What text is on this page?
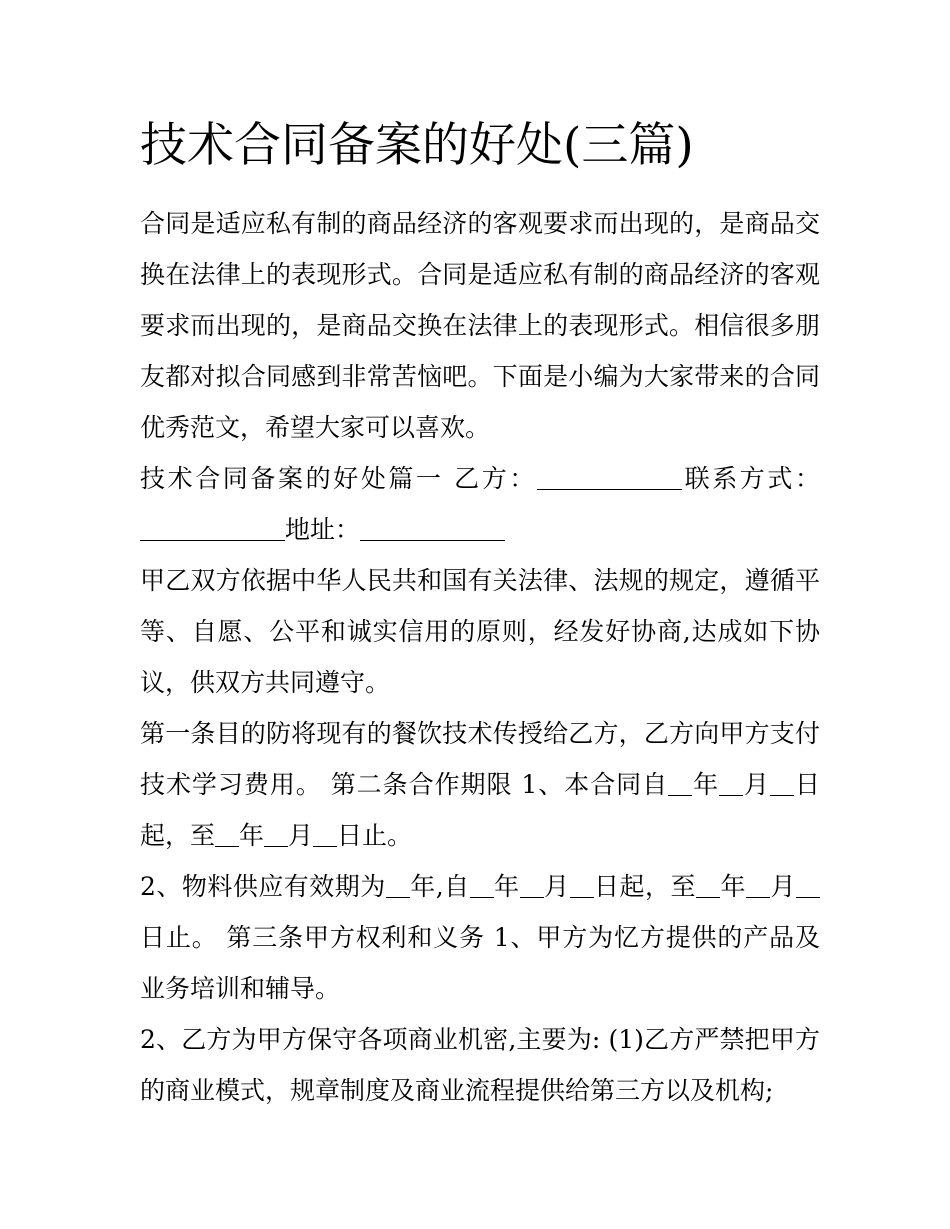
技术合同备案的好处(三篇)

合同是适应私有制的商品经济的客观要求而出现的，是商品交换在法律上的表现形式。合同是适应私有制的商品经济的客观要求而出现的，是商品交换在法律上的表现形式。相信很多朋友都对拟合同感到非常苦恼吧。下面是小编为大家带来的合同优秀范文，希望大家可以喜欢。

技术合同备案的好处篇一 乙方：	联系方式：地址：

甲乙双方依据中华人民共和国有关法律、法规的规定，遵循平等、自愿、公平和诚实信用的原则，经发好协商,达成如下协议，供双方共同遵守。

第一条目的防将现有的餐饮技术传授给乙方，乙方向甲方支付技术学习费用。 第二条合作期限 1、本合同自 年 月 日起，至 年 月 日止。

2、物料供应有效期为 年,自 年 月 日起，至 年 月日止。 第三条甲方权利和义务 1、甲方为忆方提供的产品及业务培训和辅导。

2、乙方为甲方保守各项商业机密,主要为: (1)乙方严禁把甲方的商业模式，规章制度及商业流程提供给第三方以及机构;
